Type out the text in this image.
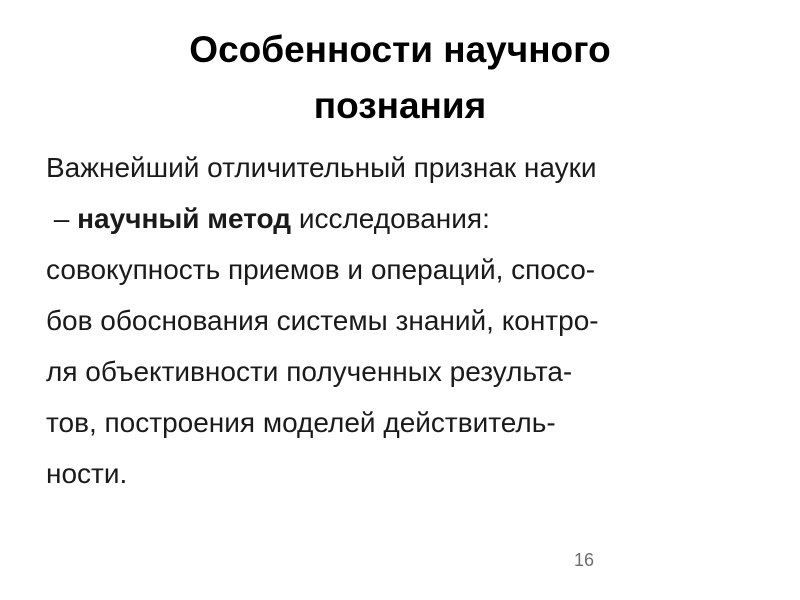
Особенности научного
познания
Важнейший отличительный признак науки
– научный метод исследования:
совокупность приемов и операций, спосо-
бов обоснования системы знаний, контро-
ля объективности полученных результа-
тов, построения моделей действитель-
ности.
16
